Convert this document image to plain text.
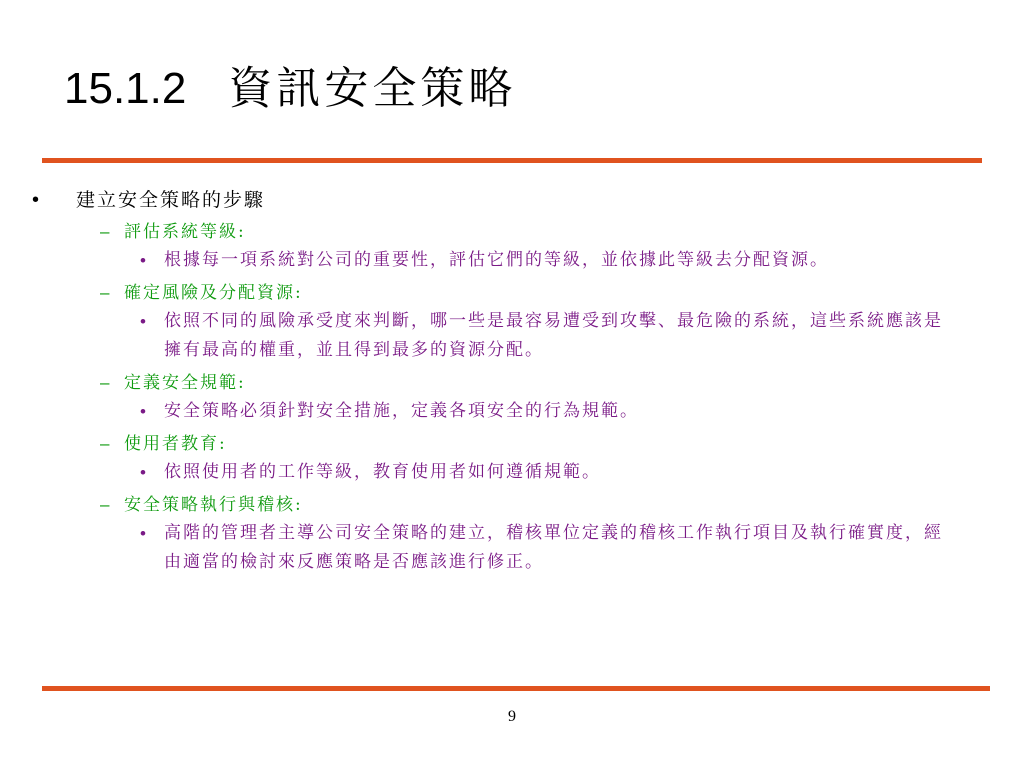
15.1.2 資訊安全策略
•	建立安全策略的步驟
– 評估系統等級:
• 根據每一項系統對公司的重要性，評估它們的等級，並依據此等級去分配資源。
– 確定風險及分配資源:
• 依照不同的風險承受度來判斷，哪一些是最容易遭受到攻擊、最危險的系統，這些系統應該是擁有最高的權重，並且得到最多的資源分配。
– 定義安全規範:
• 安全策略必須針對安全措施，定義各項安全的行為規範。
– 使用者教育:
• 依照使用者的工作等級，教育使用者如何遵循規範。
– 安全策略執行與稽核:
• 高階的管理者主導公司安全策略的建立，稽核單位定義的稽核工作執行項目及執行確實度，經由適當的檢討來反應策略是否應該進行修正。
9
